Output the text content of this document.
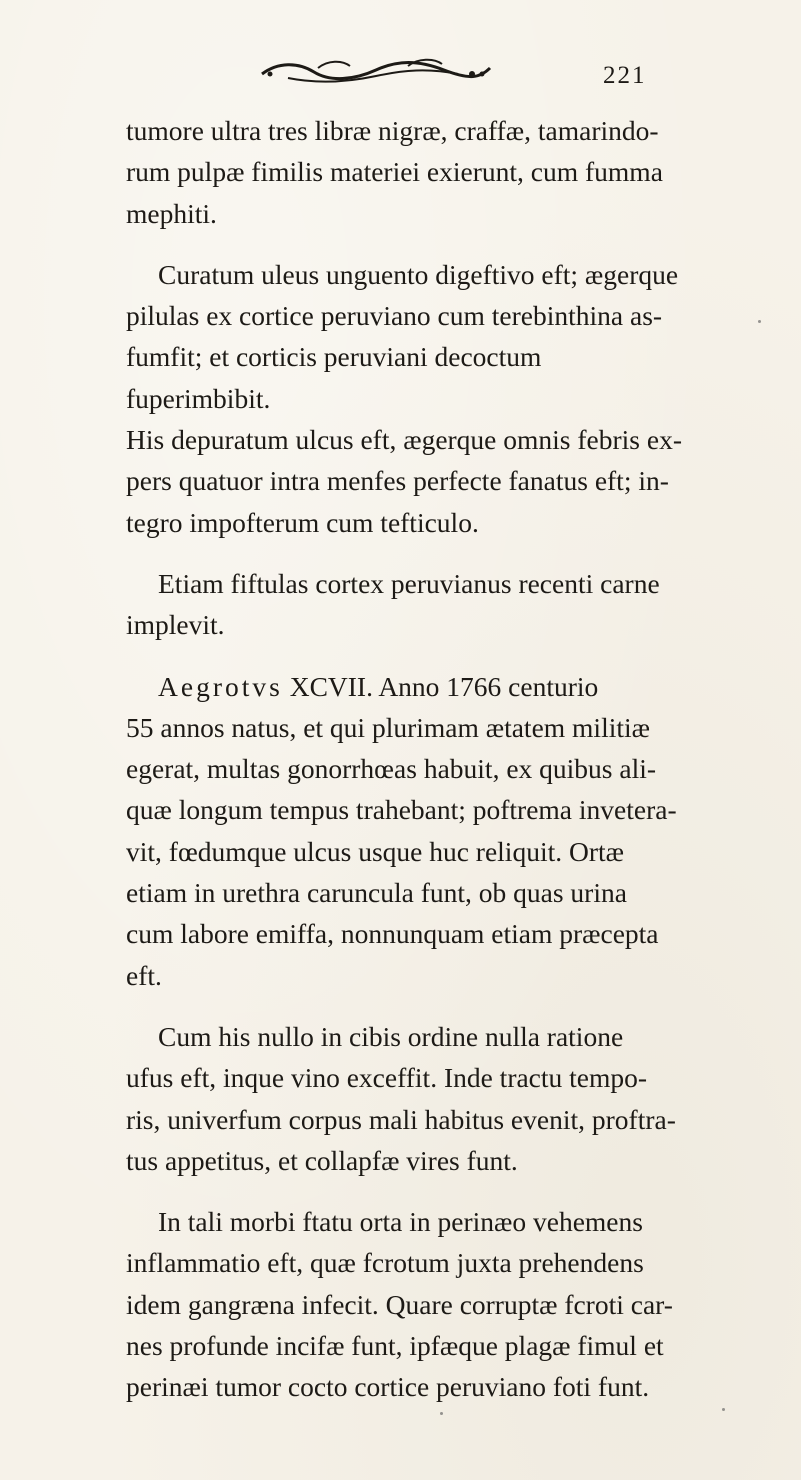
221

tumore ultra tres libræ nigræ, craffæ, tamarindo-
rum pulpæ fimilis materiei exierunt, cum fumma
mephiti.

Curatum uleus unguento digeftivo eft; ægerque
pilulas ex cortice peruviano cum terebinthina as-
fumfit; et corticis peruviani decoctum fuperimbibit.
His depuratum ulcus eft, ægerque omnis febris ex-
pers quatuor intra menfes perfecte fanatus eft; in-
tegro impofterum cum tefticulo.

Etiam fiftulas cortex peruvianus recenti carne
implevit.

Aegrotvs XCVII. Anno 1766 centurio
55 annos natus, et qui plurimam ætatem militiæ
egerat, multas gonorrhœas habuit, ex quibus ali-
quæ longum tempus trahebant; poftrema invetera-
vit, fœdumque ulcus usque huc reliquit. Ortæ
etiam in urethra caruncula funt, ob quas urina
cum labore emiffa, nonnunquam etiam præcepta eft.

Cum his nullo in cibis ordine nulla ratione
ufus eft, inque vino exceffit. Inde tractu tempo-
ris, univerfum corpus mali habitus evenit, proftra-
tus appetitus, et collapfæ vires funt.

In tali morbi ftatu orta in perinæo vehemens
inflammatio eft, quæ fcrotum juxta prehendens
idem gangræna infecit. Quare corruptæ fcroti car-
nes profunde incifæ funt, ipfæque plagæ fimul et
perinæi tumor cocto cortice peruviano foti funt.
